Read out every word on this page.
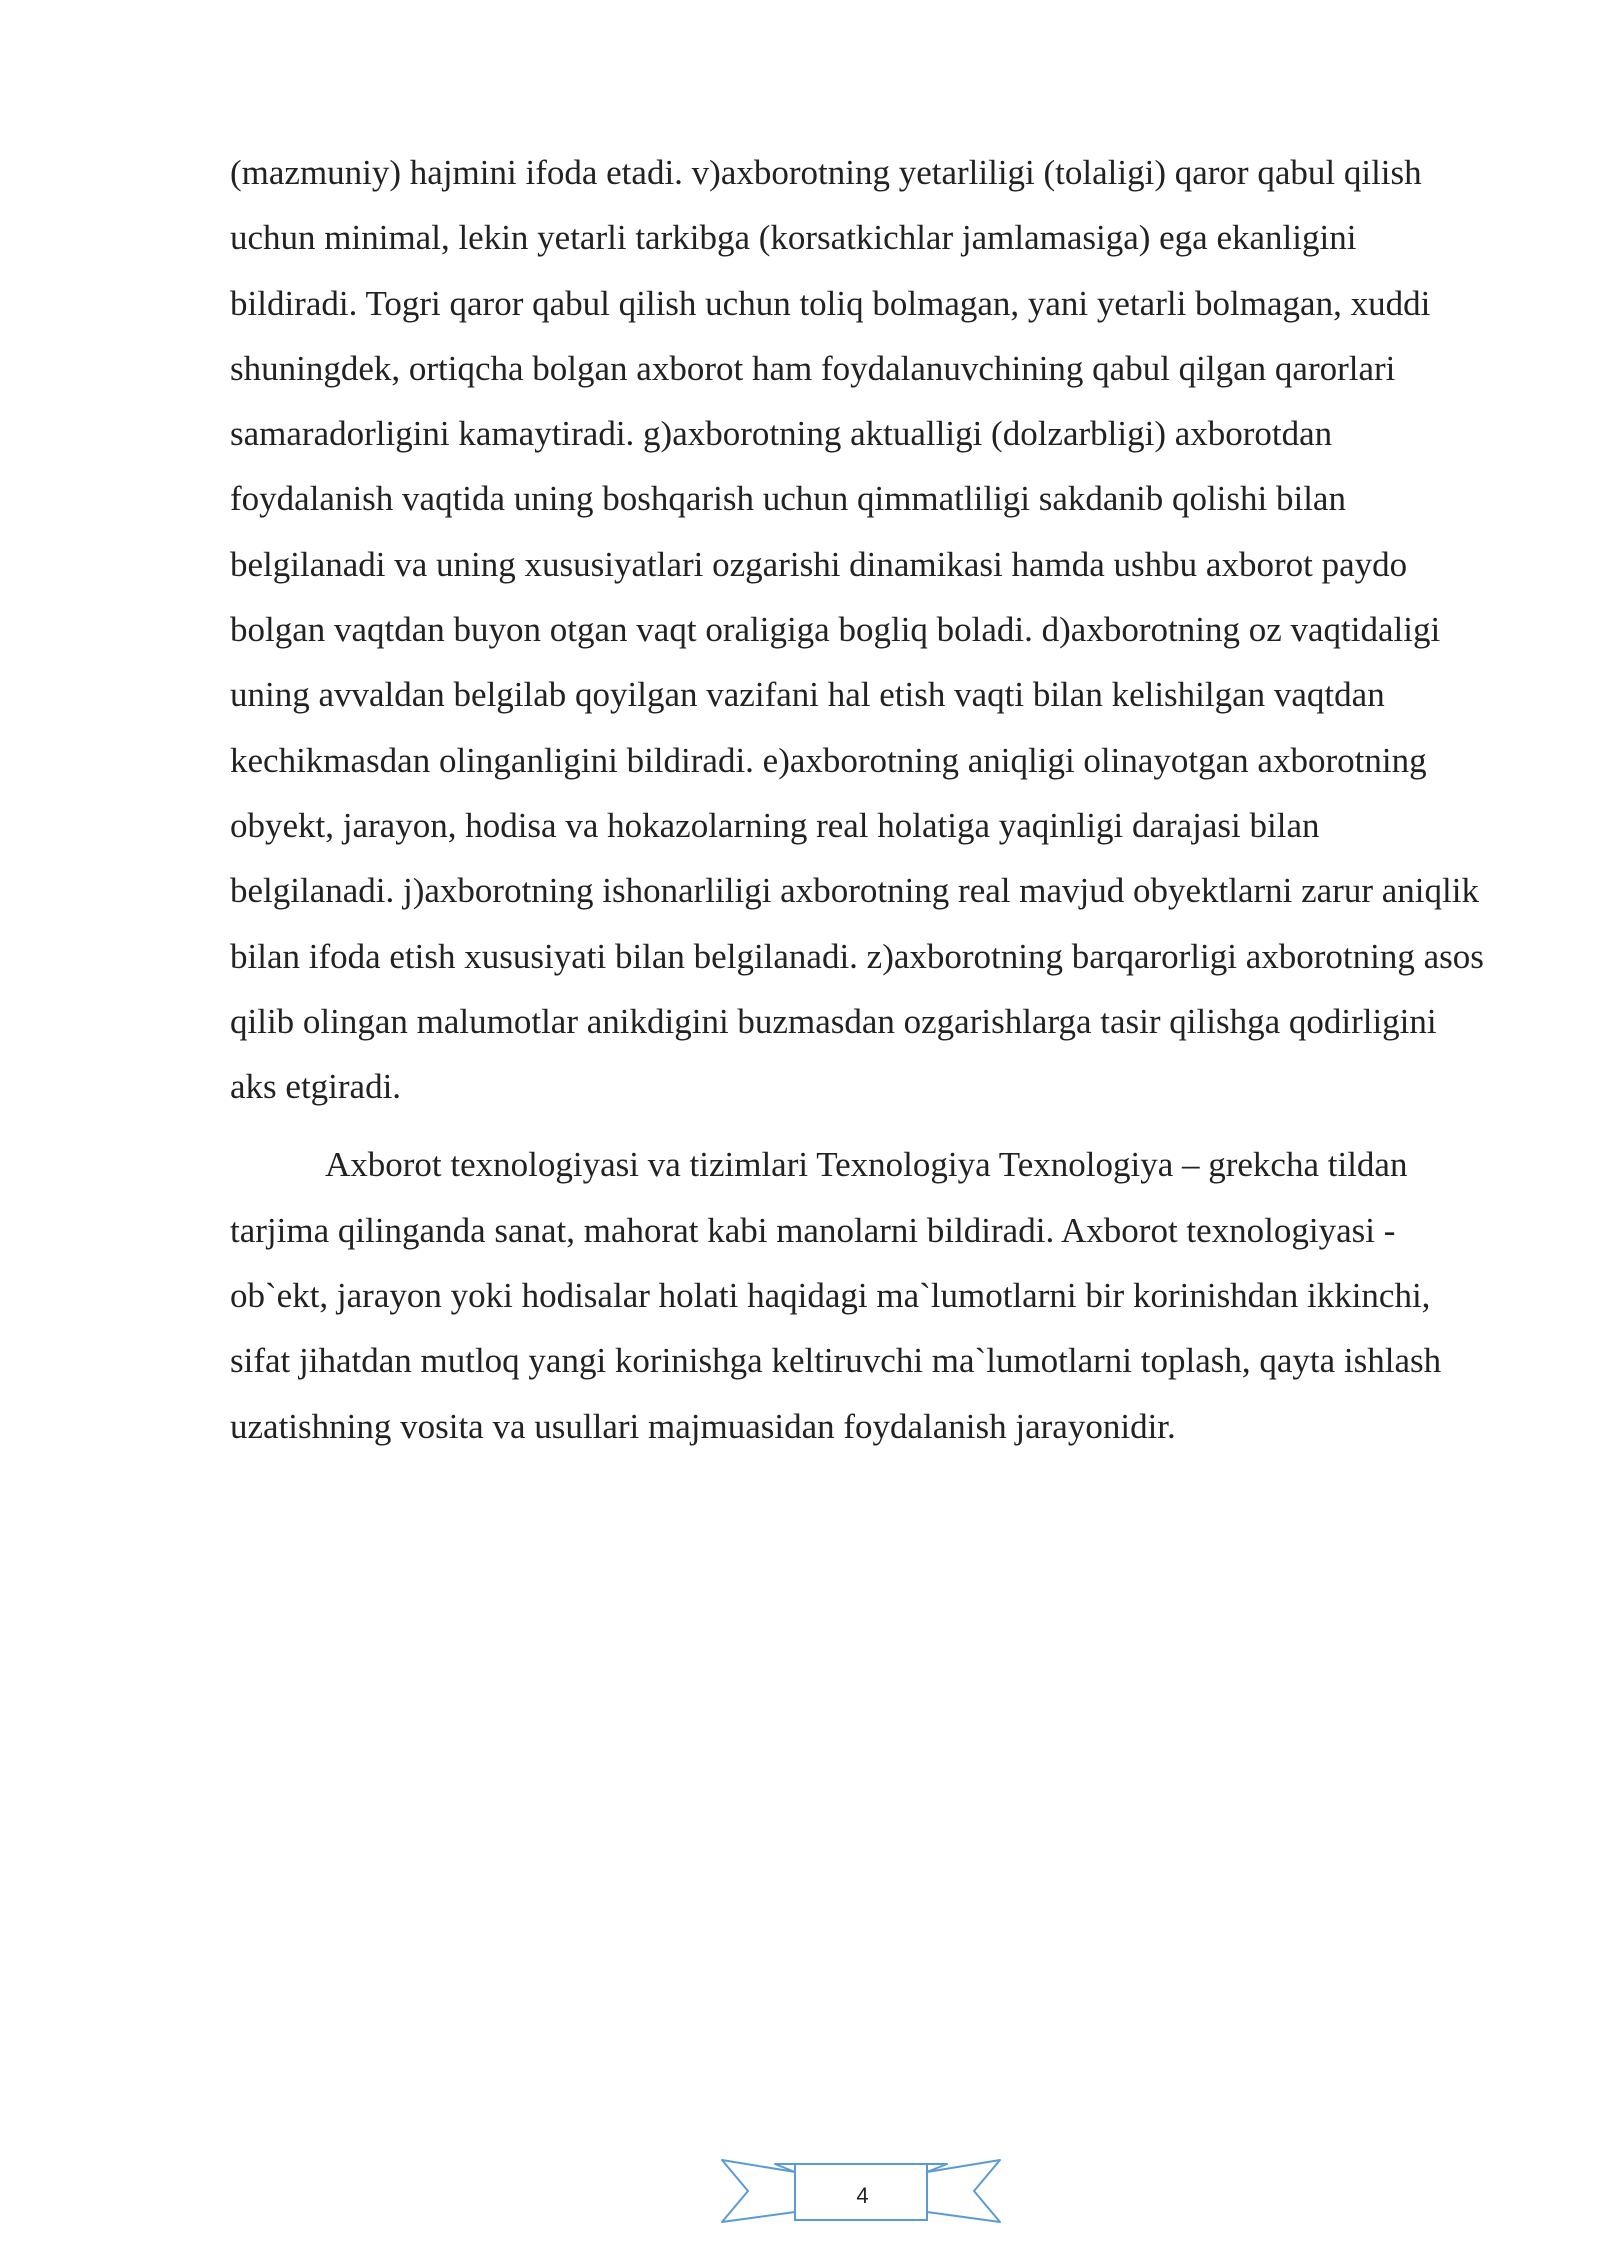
(mazmuniy) hajmini ifoda etadi. v)axborotning yetarliligi (tolaligi) qaror qabul qilish uchun minimal, lekin yetarli tarkibga (korsatkichlar jamlamasiga) ega ekanligini bildiradi. Togri qaror qabul qilish uchun toliq bolmagan, yani yetarli bolmagan, xuddi shuningdek, ortiqcha bolgan axborot ham foydalanuvchining qabul qilgan qarorlari samaradorligini kamaytiradi. g)axborotning aktualligi (dolzarbligi) axborotdan foydalanish vaqtida uning boshqarish uchun qimmatliligi sakdanib qolishi bilan belgilanadi va uning xususiyatlari ozgarishi dinamikasi hamda ushbu axborot paydo bolgan vaqtdan buyon otgan vaqt oraligiga bogliq boladi. d)axborotning oz vaqtidaligi uning avvaldan belgilab qoyilgan vazifani hal etish vaqti bilan kelishilgan vaqtdan kechikmasdan olinganligini bildiradi. e)axborotning aniqligi olinayotgan axborotning obyekt, jarayon, hodisa va hokazolarning real holatiga yaqinligi darajasi bilan belgilanadi. j)axborotning ishonarliligi axborotning real mavjud obyektlarni zarur aniqlik bilan ifoda etish xususiyati bilan belgilanadi. z)axborotning barqarorligi axborotning asos qilib olingan malumotlar anikdigini buzmasdan ozgarishlarga tasir qilishga qodirligini aks etgiradi.

Axborot texnologiyasi va tizimlari Texnologiya Texnologiya – grekcha tildan tarjima qilinganda sanat, mahorat kabi manolarni bildiradi. Axborot texnologiyasi - ob`ekt, jarayon yoki hodisalar holati haqidagi ma`lumotlarni bir korinishdan ikkinchi, sifat jihatdan mutloq yangi korinishga keltiruvchi ma`lumotlarni toplash, qayta ishlash uzatishning vosita va usullari majmuasidan foydalanish jarayonidir.

4
